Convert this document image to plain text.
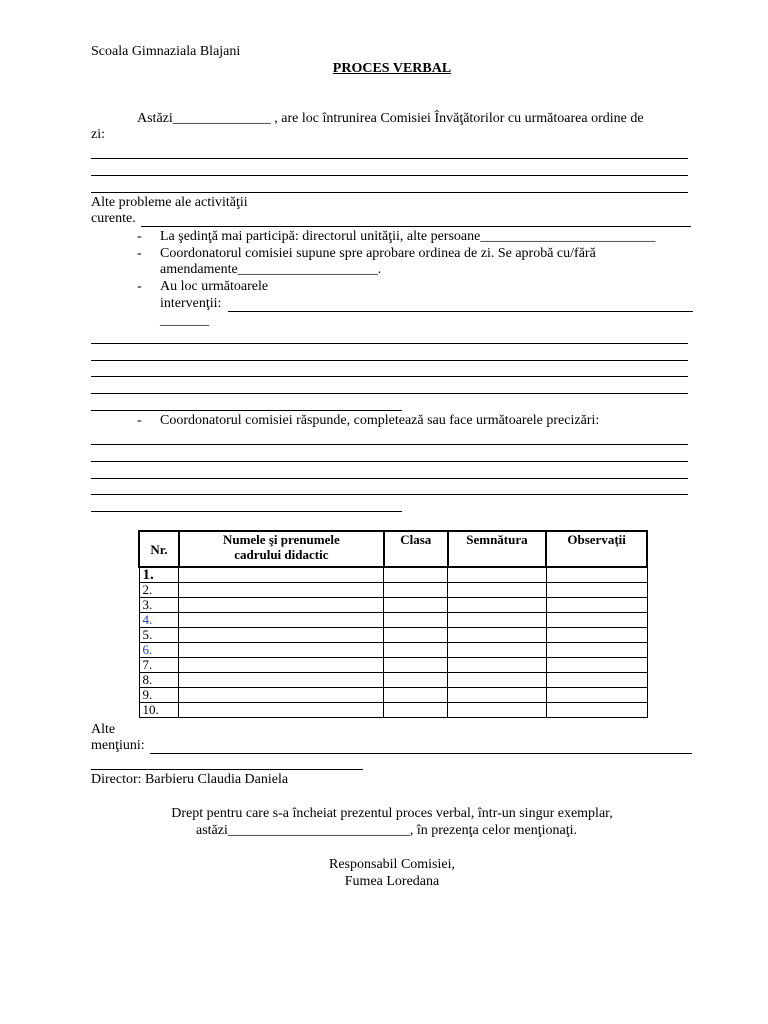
Scoala Gimnaziala Blajani
PROCES VERBAL
Astăzi______________ , are loc întrunirea Comisiei Învăţătorilor cu următoarea ordine de
zi:
Alte probleme ale activităţii
curente.
- La şedinţă mai participă: directorul unităţii, alte persoane_________________________
- Coordonatorul comisiei supune spre aprobare ordinea de zi. Se aprobă cu/fără
amendamente____________________.
- Au loc următoarele
intervenţii:
_______
- Coordonatorul comisiei răspunde, completează sau face următoarele precizări:
Nr.	Numele şi prenumele cadrului didactic	Clasa	Semnătura	Observaţii
1.				
2.				
3.				
4.				
5.				
6.				
7.				
8.				
9.				
10.				
Alte
menţiuni:
Director: Barbieru Claudia Daniela
Drept pentru care s-a încheiat prezentul proces verbal, într-un singur exemplar,
astăzi__________________________, în prezenţa celor menţionaţi.
Responsabil Comisiei,
Fumea Loredana
